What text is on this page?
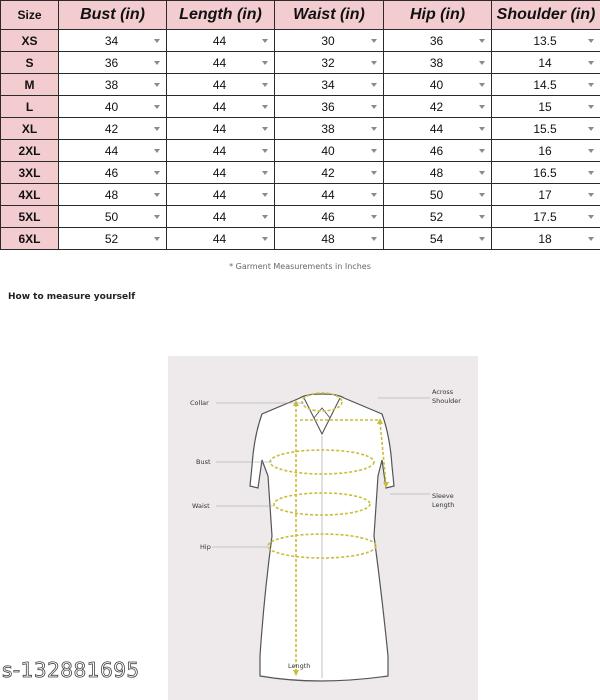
Size	Bust (in)	Length (in)	Waist (in)	Hip (in)	Shoulder (in)
XS	34	44	30	36	13.5

S	36	44	32	38	14

M	38	44	34	40	14.5

L	40	44	36	42	15

XL	42	44	38	44	15.5

2XL	44	44	40	46	16

3XL	46	44	42	48	16.5

4XL	48	44	44	50	17

5XL	50	44	46	52	17.5

6XL	52	44	48	54	18
* Garment Measurements in Inches
How to measure yourself
Collar
Across
Shoulder
Bust
Waist
Hip
Sleeve
Length
Length
s-132881695
